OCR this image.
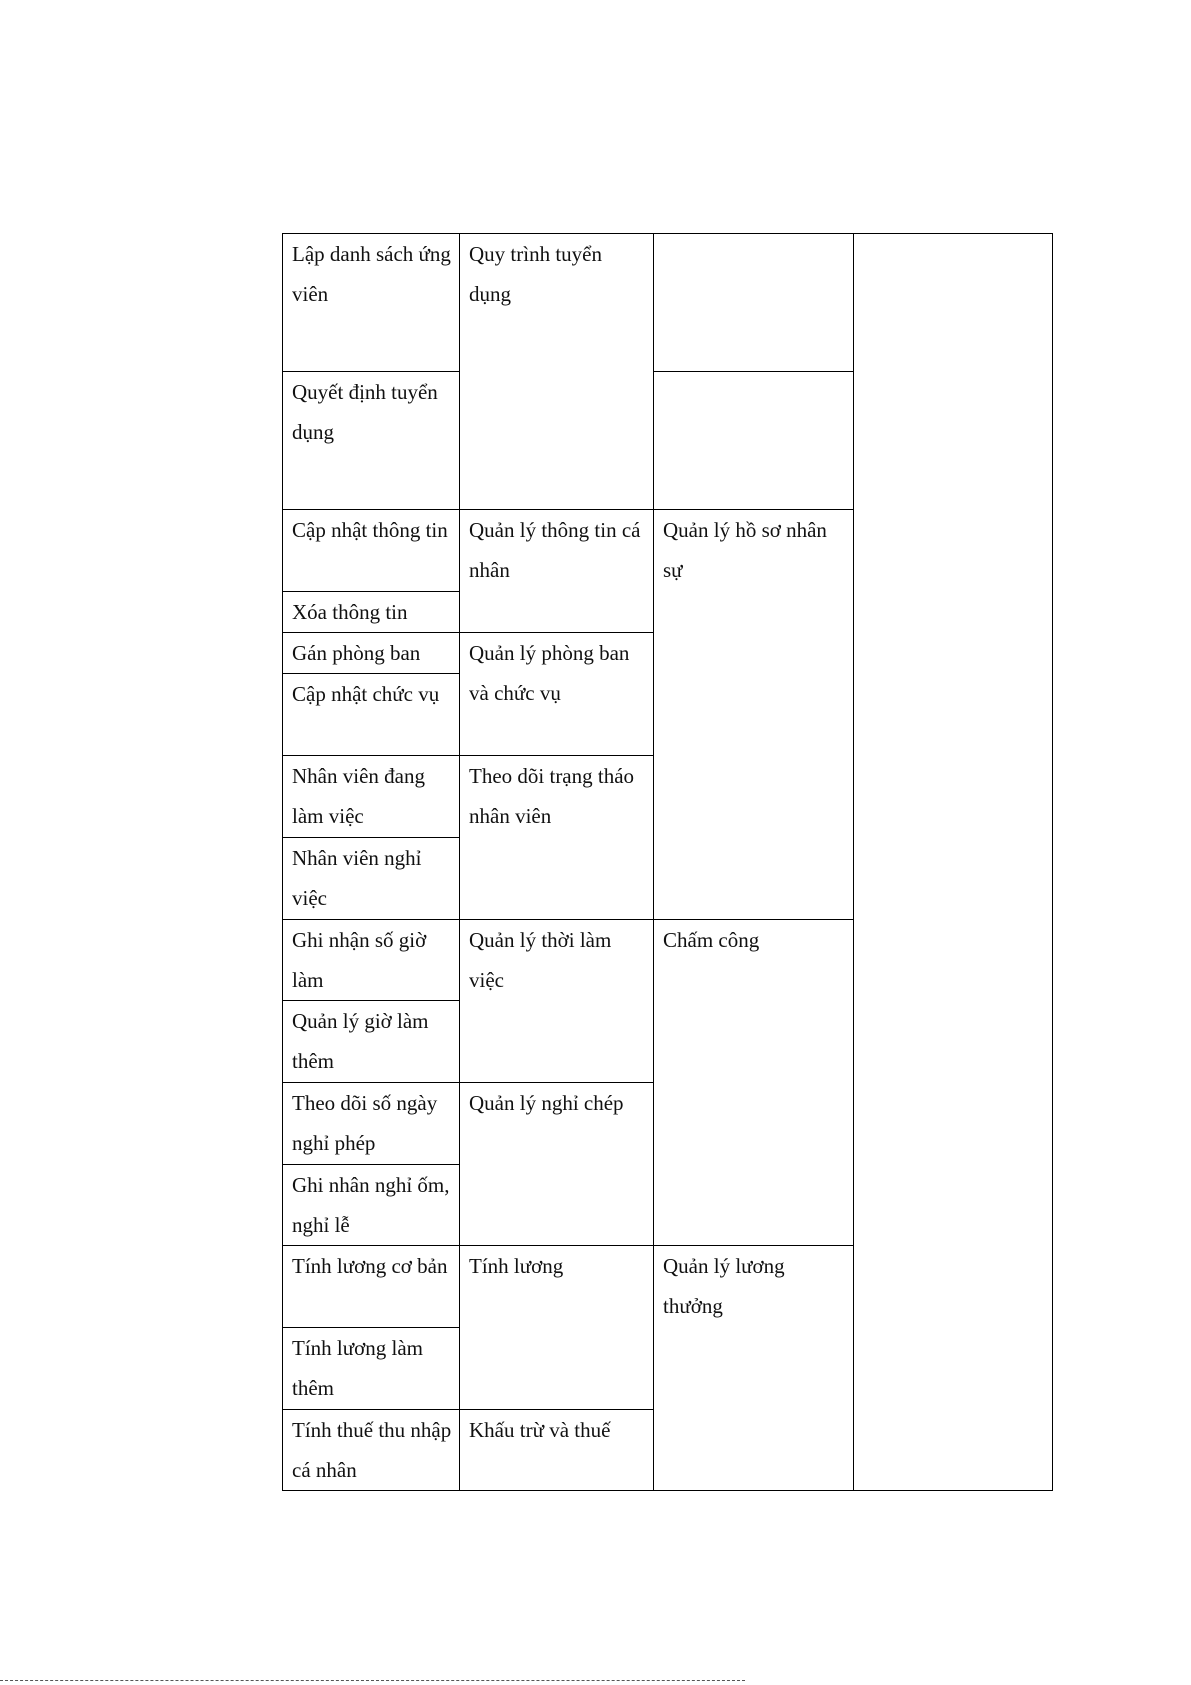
Lập danh sách ứng viên	Quy trình tuyển dụng		
Quyết định tuyển dụng			
Cập nhật thông tin	Quản lý thông tin cá nhân	Quản lý hồ sơ nhân sự	
Xóa thông tin			
Gán phòng ban	Quản lý phòng ban và chức vụ		
Cập nhật chức vụ			
Nhân viên đang làm việc	Theo dõi trạng tháo nhân viên		
Nhân viên nghỉ việc			
Ghi nhận số giờ làm	Quản lý thời làm việc	Chấm công	
Quản lý giờ làm thêm			
Theo dõi số ngày nghỉ phép	Quản lý nghỉ chép		
Ghi nhân nghỉ ốm, nghỉ lễ			
Tính lương cơ bản	Tính lương	Quản lý lương thưởng	
Tính lương làm thêm			
Tính thuế thu nhập cá nhân	Khấu trừ và thuế		
